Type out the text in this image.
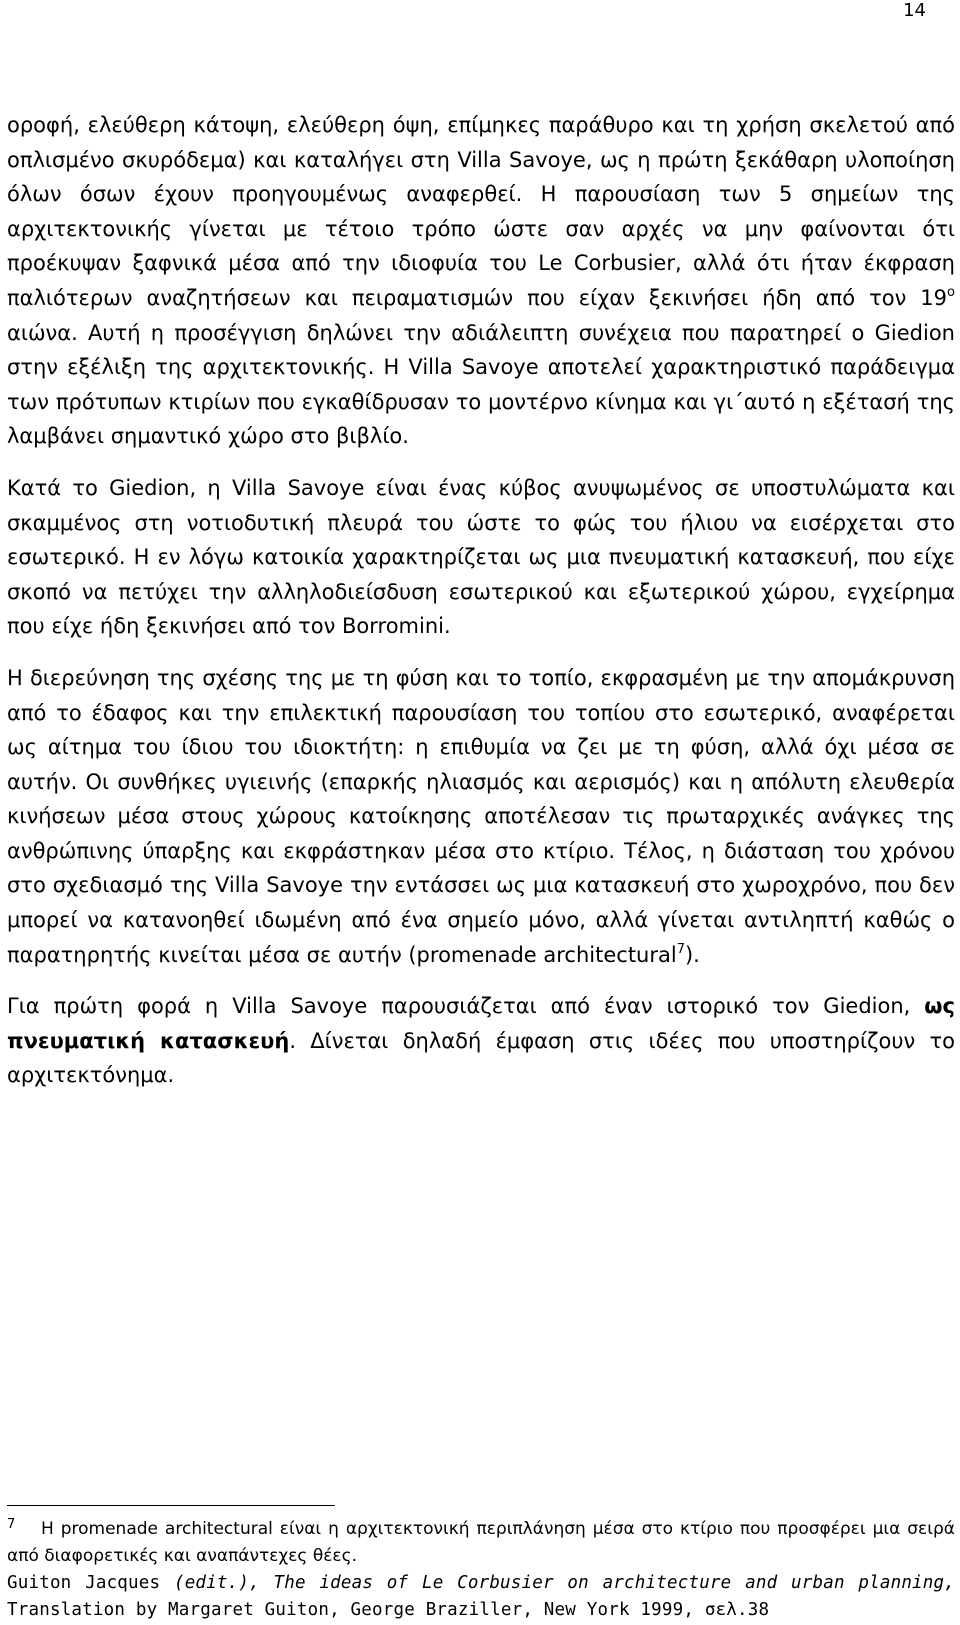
14

οροφή, ελεύθερη κάτοψη, ελεύθερη όψη, επίμηκες παράθυρο και τη χρήση σκελετού από οπλισμένο σκυρόδεμα) και καταλήγει στη Villa Savoye, ως η πρώτη ξεκάθαρη υλοποίηση όλων όσων έχουν προηγουμένως αναφερθεί. Η παρουσίαση των 5 σημείων της αρχιτεκτονικής γίνεται με τέτοιο τρόπο ώστε σαν αρχές να μην φαίνονται ότι προέκυψαν ξαφνικά μέσα από την ιδιοφυία του Le Corbusier, αλλά ότι ήταν έκφραση παλιότερων αναζητήσεων και πειραματισμών που είχαν ξεκινήσει ήδη από τον $19^o$ αιώνα. Αυτή η προσέγγιση δηλώνει την αδιάλειπτη συνέχεια που παρατηρεί ο Giedion στην εξέλιξη της αρχιτεκτονικής. Η Villa Savoye αποτελεί χαρακτηριστικό παράδειγμα των πρότυπων κτιρίων που εγκαθίδρυσαν το μοντέρνο κίνημα και γι΄αυτό η εξέτασή της λαμβάνει σημαντικό χώρο στο βιβλίο.

Κατά το Giedion, η Villa Savoye είναι ένας κύβος ανυψωμένος σε υποστυλώματα και σκαμμένος στη νοτιοδυτική πλευρά του ώστε το φώς του ήλιου να εισέρχεται στο εσωτερικό. Η εν λόγω κατοικία χαρακτηρίζεται ως μια πνευματική κατασκευή, που είχε σκοπό να πετύχει την αλληλοδιείσδυση εσωτερικού και εξωτερικού χώρου, εγχείρημα που είχε ήδη ξεκινήσει από τον Borromini.

Η διερεύνηση της σχέσης της με τη φύση και το τοπίο, εκφρασμένη με την απομάκρυνση από το έδαφος και την επιλεκτική παρουσίαση του τοπίου στο εσωτερικό, αναφέρεται ως αίτημα του ίδιου του ιδιοκτήτη: η επιθυμία να ζει με τη φύση, αλλά όχι μέσα σε αυτήν. Οι συνθήκες υγιεινής (επαρκής ηλιασμός και αερισμός) και η απόλυτη ελευθερία κινήσεων μέσα στους χώρους κατοίκησης αποτέλεσαν τις πρωταρχικές ανάγκες της ανθρώπινης ύπαρξης και εκφράστηκαν μέσα στο κτίριο. Τέλος, η διάσταση του χρόνου στο σχεδιασμό της Villa Savoye την εντάσσει ως μια κατασκευή στο χωροχρόνο, που δεν μπορεί να κατανοηθεί ιδωμένη από ένα σημείο μόνο, αλλά γίνεται αντιληπτή καθώς ο παρατηρητής κινείται μέσα σε αυτήν (promenade architectural$^7$).

Για πρώτη φορά η Villa Savoye παρουσιάζεται από έναν ιστορικό τον Giedion, ως πνευματική κατασκευή. Δίνεται δηλαδή έμφαση στις ιδέες που υποστηρίζουν το αρχιτεκτόνημα.

7 Η promenade architectural είναι η αρχιτεκτονική περιπλάνηση μέσα στο κτίριο που προσφέρει μια σειρά από διαφορετικές και αναπάντεχες θέες.

Guiton Jacques (edit.), The ideas of Le Corbusier on architecture and urban planning, Translation by Margaret Guiton, George Braziller, New York 1999, σελ.38
